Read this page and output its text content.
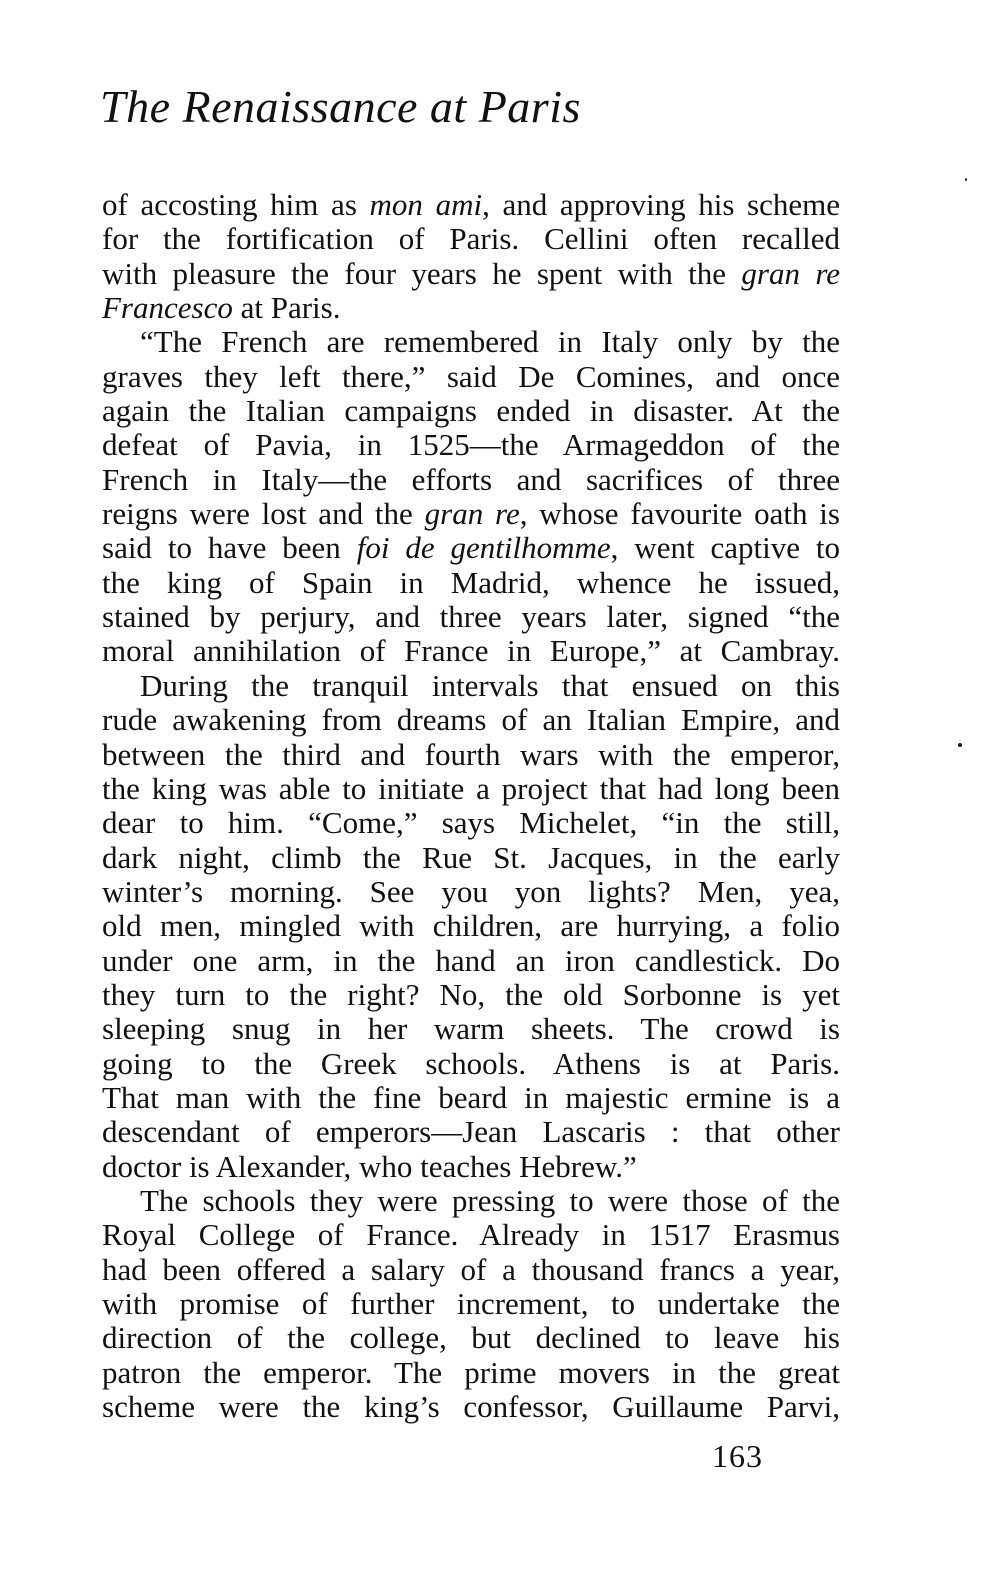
The Renaissance at Paris
of accosting him as mon ami, and approving his scheme
for the fortification of Paris. Cellini often recalled
with pleasure the four years he spent with the gran re
Francesco at Paris.
“The French are remembered in Italy only by the
graves they left there,” said De Comines, and once
again the Italian campaigns ended in disaster. At the
defeat of Pavia, in 1525—the Armageddon of the
French in Italy—the efforts and sacrifices of three
reigns were lost and the gran re, whose favourite oath is
said to have been foi de gentilhomme, went captive to
the king of Spain in Madrid, whence he issued,
stained by perjury, and three years later, signed “the
moral annihilation of France in Europe,” at Cambray.
During the tranquil intervals that ensued on this
rude awakening from dreams of an Italian Empire, and
between the third and fourth wars with the emperor,
the king was able to initiate a project that had long been
dear to him. “Come,” says Michelet, “in the still,
dark night, climb the Rue St. Jacques, in the early
winter’s morning. See you yon lights? Men, yea,
old men, mingled with children, are hurrying, a folio
under one arm, in the hand an iron candlestick. Do
they turn to the right? No, the old Sorbonne is yet
sleeping snug in her warm sheets. The crowd is
going to the Greek schools. Athens is at Paris.
That man with the fine beard in majestic ermine is a
descendant of emperors—Jean Lascaris : that other
doctor is Alexander, who teaches Hebrew.”
The schools they were pressing to were those of the
Royal College of France. Already in 1517 Erasmus
had been offered a salary of a thousand francs a year,
with promise of further increment, to undertake the
direction of the college, but declined to leave his
patron the emperor. The prime movers in the great
scheme were the king’s confessor, Guillaume Parvi,
163
